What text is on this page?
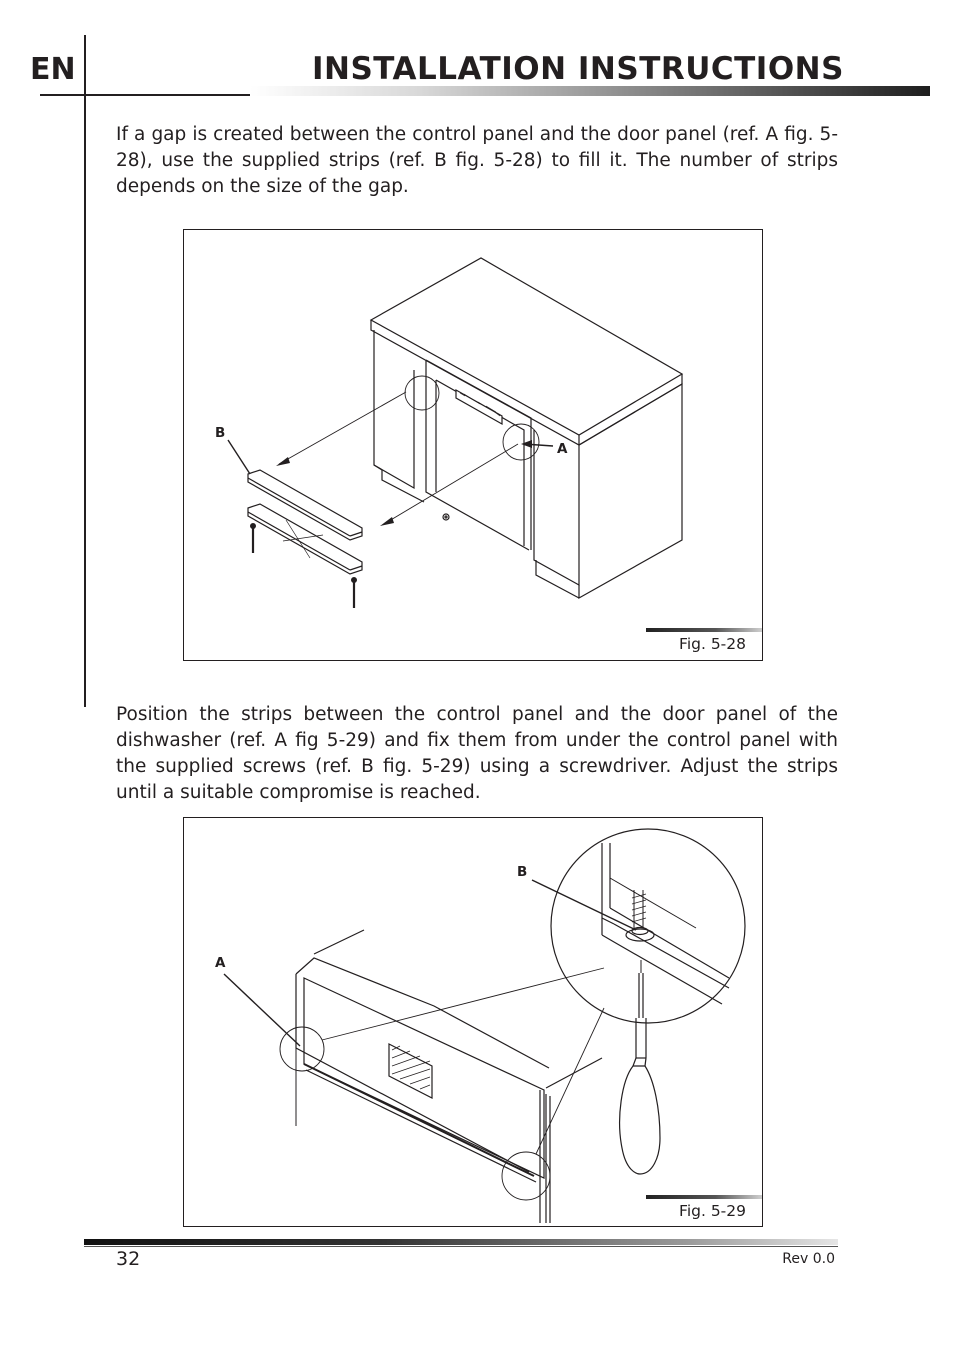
EN	INSTALLATION INSTRUCTIONS

If a gap is created between the control panel and the door panel (ref. A fig. 5-28), use the supplied strips (ref. B fig. 5-28) to fill it. The number of strips depends on the size of the gap.

B

A

Fig. 5-28

Position the strips between the control panel and the door panel of the dishwasher (ref. A fig 5-29) and fix them from under the control panel with the supplied screws (ref. B fig. 5-29) using a screwdriver. Adjust the strips until a suitable compromise is reached.

A

B

Fig. 5-29

32	Rev 0.0
